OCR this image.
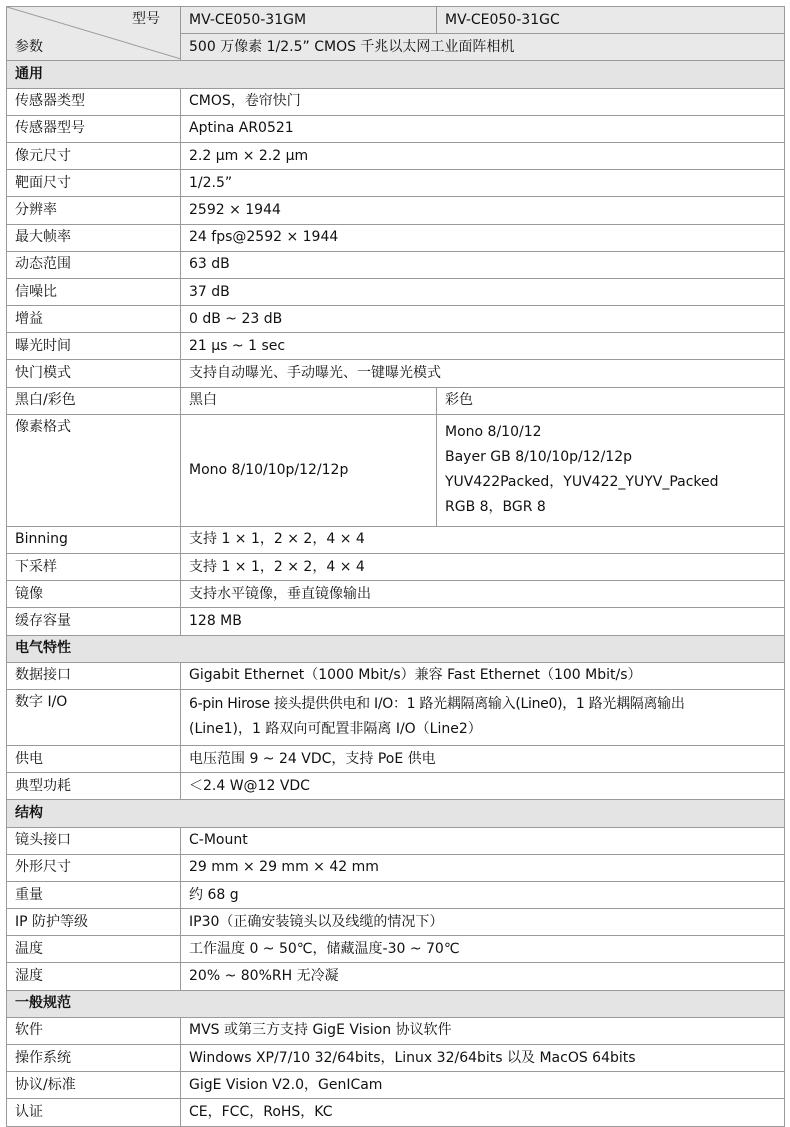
型号
参数	MV-CE050-31GM	MV-CE050-31GC
	500 万像素 1/2.5” CMOS 千兆以太网工业面阵相机	
通用		
传感器类型	CMOS，卷帘快门	
传感器型号	Aptina AR0521	
像元尺寸	2.2 µm × 2.2 µm	
靶面尺寸	1/2.5”	
分辨率	2592 × 1944	
最大帧率	24 fps@2592 × 1944	
动态范围	63 dB	
信噪比	37 dB	
增益	0 dB ~ 23 dB	
曝光时间	21 µs ~ 1 sec	
快门模式	支持自动曝光、手动曝光、一键曝光模式	
黑白/彩色	黑白	彩色
像素格式	Mono 8/10/10p/12/12p	Mono 8/10/12
Bayer GB 8/10/10p/12/12p
YUV422Packed，YUV422_YUYV_Packed
RGB 8，BGR 8

Binning	支持 1 × 1，2 × 2，4 × 4	
下采样	支持 1 × 1，2 × 2，4 × 4	
镜像	支持水平镜像，垂直镜像输出	
缓存容量	128 MB	
电气特性		
数据接口	Gigabit Ethernet（1000 Mbit/s）兼容 Fast Ethernet（100 Mbit/s）	
数字 I/O	6-pin Hirose 接头提供供电和 I/O：1 路光耦隔离输入(Line0)，1 路光耦隔离输出
(Line1)，1 路双向可配置非隔离 I/O（Line2）	

供电	电压范围 9 ~ 24 VDC，支持 PoE 供电	
典型功耗	＜2.4 W@12 VDC	
结构		
镜头接口	C-Mount	
外形尺寸	29 mm × 29 mm × 42 mm	
重量	约 68 g	
IP 防护等级	IP30（正确安装镜头以及线缆的情况下）	
温度	工作温度 0 ~ 50℃，储藏温度-30 ~ 70℃	
湿度	20% ~ 80%RH 无冷凝	
一般规范		
软件	MVS 或第三方支持 GigE Vision 协议软件	
操作系统	Windows XP/7/10 32/64bits，Linux 32/64bits 以及 MacOS 64bits	
协议/标准	GigE Vision V2.0，GenICam	
认证	CE，FCC，RoHS，KC	
